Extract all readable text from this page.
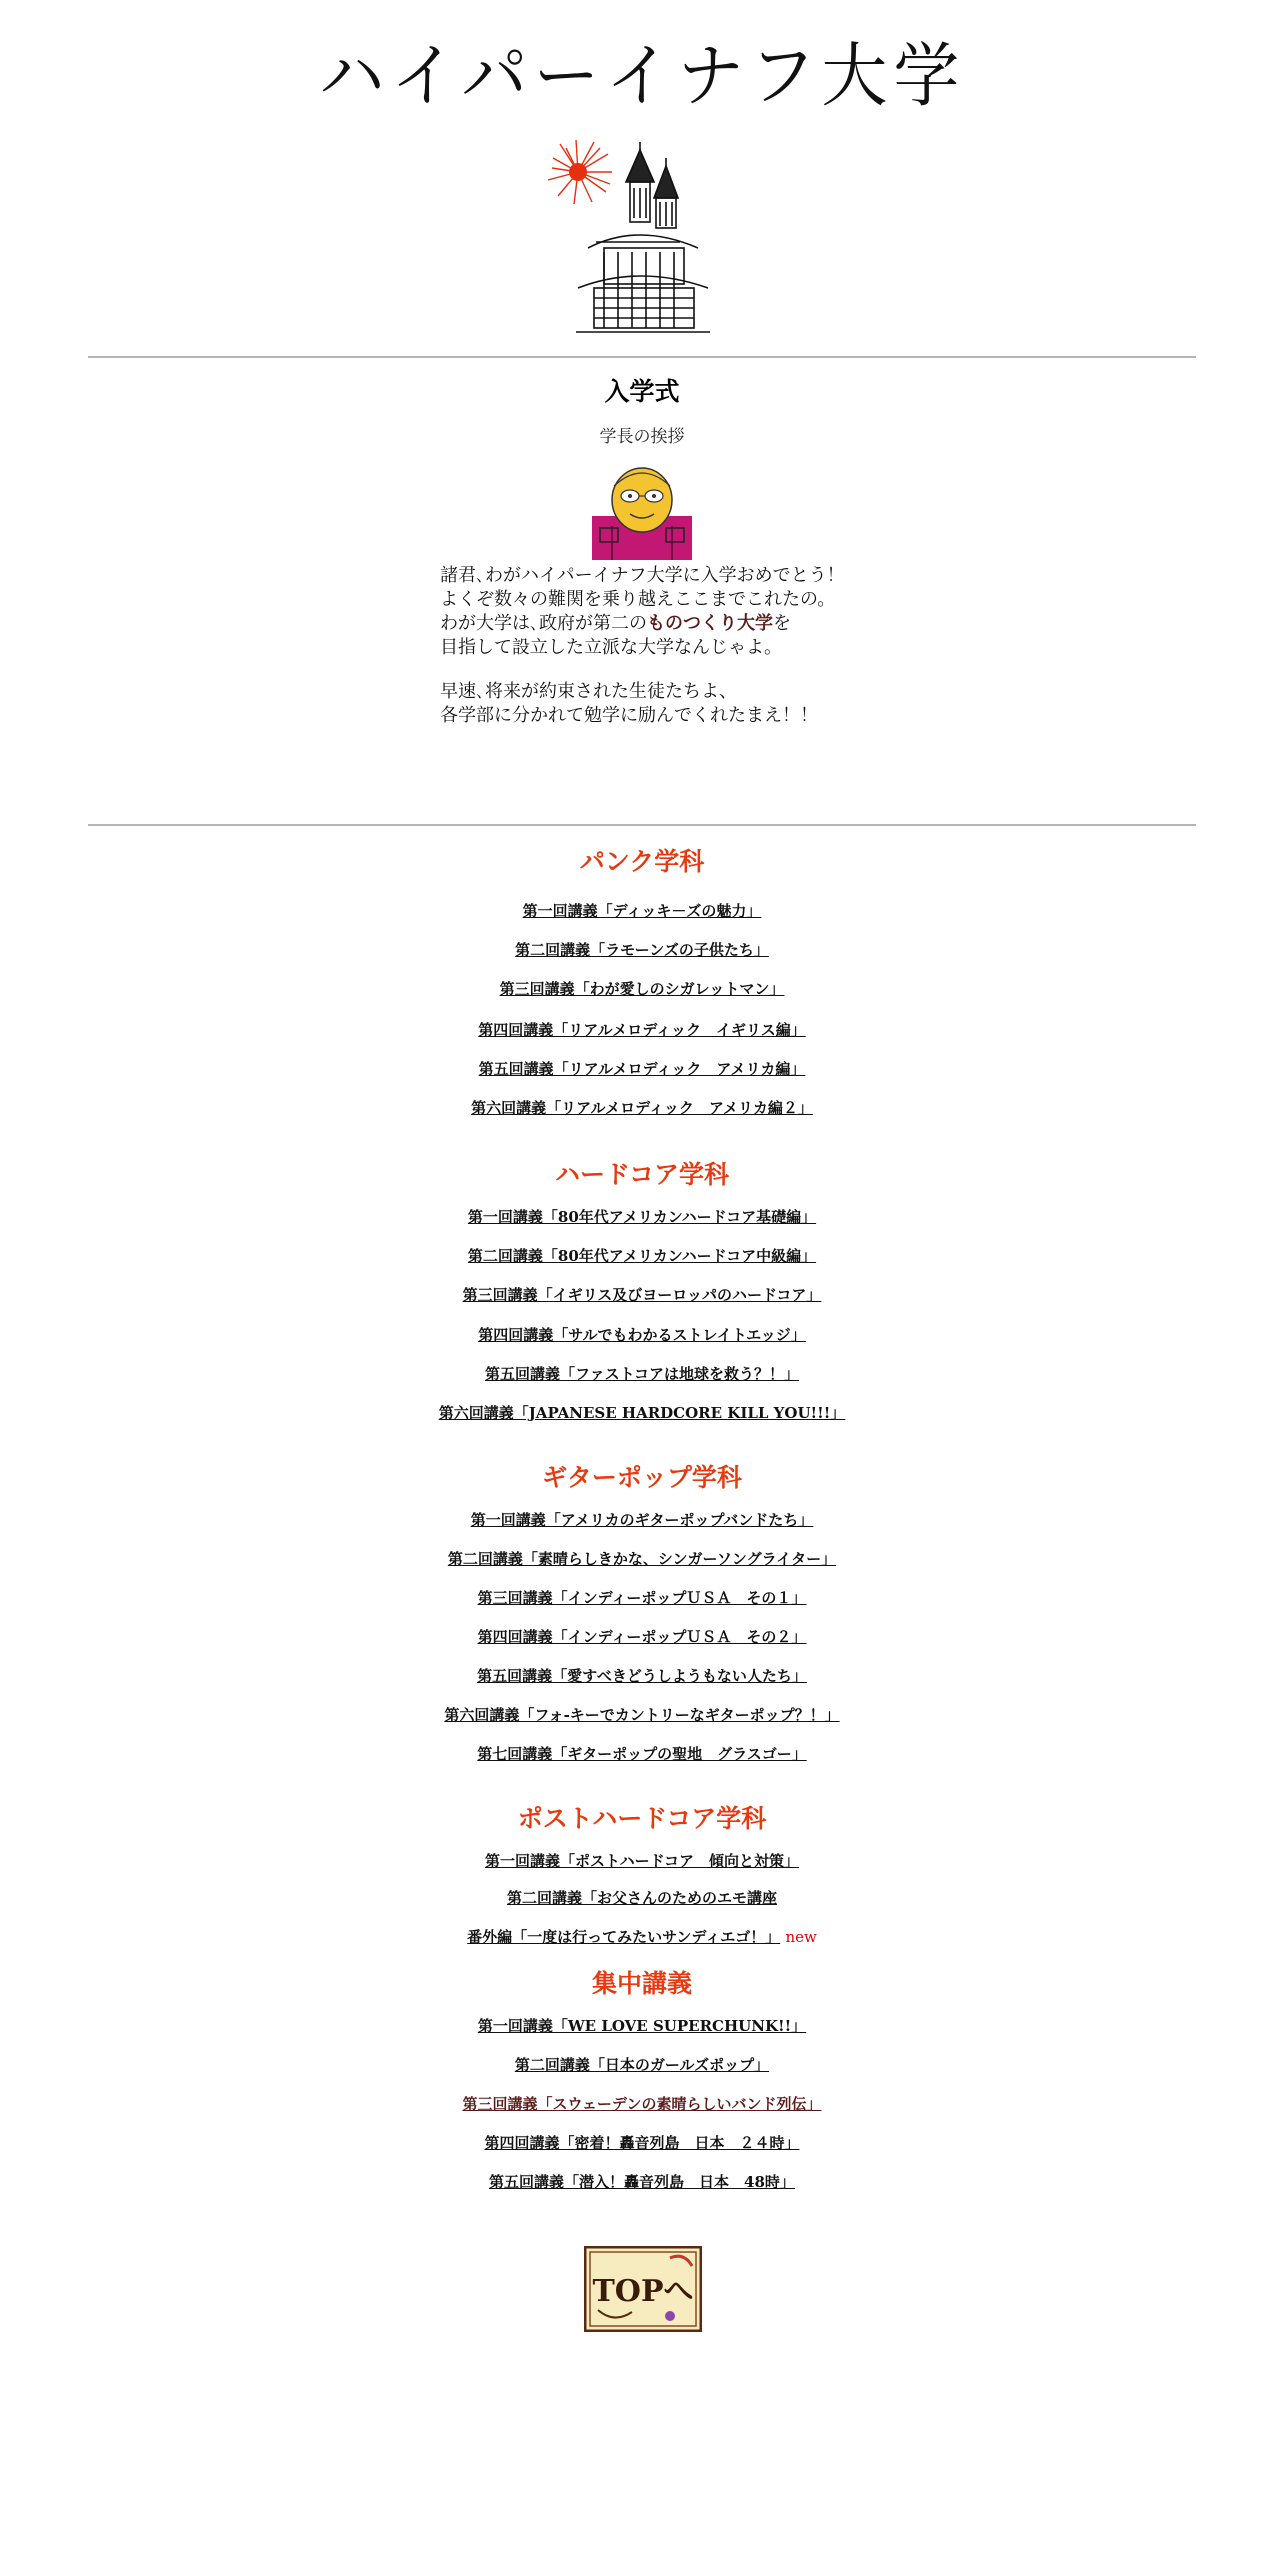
ハイパーイナフ大学
入学式
学長の挨拶

諸君､わがハイパーイナフ大学に入学おめでとう！
よくぞ数々の難関を乗り越えここまでこれたの。
わが大学は､政府が第二のものつくり大学を
目指して設立した立派な大学なんじゃよ。

早速､将来が約束された生徒たちよ、
各学部に分かれて勉学に励んでくれたまえ！！

パンク学科
第一回講義「ディッキ－ズの魅力」
第二回講義「ラモーンズの子供たち」
第三回講義「わが愛しのシガレットマン」
第四回講義「リアルメロディック　イギリス編」
第五回講義「リアルメロディック　アメリカ編」
第六回講義「リアルメロディック　アメリカ編２」
ハードコア学科
第一回講義「80年代アメリカンハードコア基礎編」
第二回講義「80年代アメリカンハードコア中級編」
第三回講義「イギリス及びヨーロッパのハードコア」
第四回講義「サルでもわかるストレイトエッジ」
第五回講義「ファストコアは地球を救う？！」
第六回講義「JAPANESE HARDCORE KILL YOU!!!」
ギターポップ学科
第一回講義「アメリカのギターポップバンドたち」
第二回講義「素晴らしきかな、シンガーソングライター」
第三回講義「インディーポップＵＳＡ　その１」
第四回講義「インディーポップＵＳＡ　その２」
第五回講義「愛すべきどうしようもない人たち」
第六回講義「フォ-キーでカントリーなギターポップ？！」
第七回講義「ギターポップの聖地　グラスゴー」
ポストハードコア学科
第一回講義「ポストハードコア　傾向と対策」
第二回講義「お父さんのためのエモ講座
番外編「一度は行ってみたいサンディエゴ！」 new
集中講義
第一回講義「WE LOVE SUPERCHUNK!!」
第二回講義「日本のガールズポップ」
第三回講義「スウェーデンの素晴らしいバンド列伝」
第四回講義「密着！轟音列島　日本　２４時」
第五回講義「潜入！轟音列島　日本　48時」
TOPへ
